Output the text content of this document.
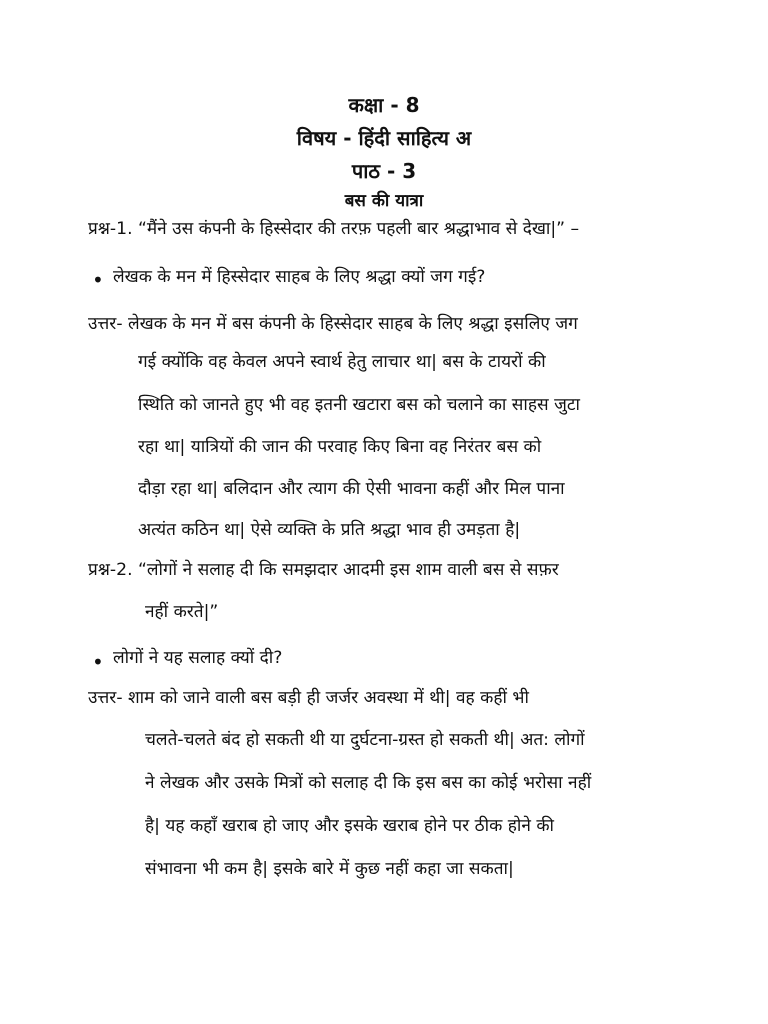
कक्षा - 8
विषय - हिंदी साहित्य अ
पाठ - 3
बस की यात्रा
प्रश्न-1. “मैंने उस कंपनी के हिस्सेदार की तरफ़ पहली बार श्रद्धाभाव से देखा|” –
•
लेखक के मन में हिस्सेदार साहब के लिए श्रद्धा क्यों जग गई?
उत्तर- लेखक के मन में बस कंपनी के हिस्सेदार साहब के लिए श्रद्धा इसलिए जग
गई क्योंकि वह केवल अपने स्वार्थ हेतु लाचार था| बस के टायरों की
स्थिति को जानते हुए भी वह इतनी खटारा बस को चलाने का साहस जुटा
रहा था| यात्रियों की जान की परवाह किए बिना वह निरंतर बस को
दौड़ा रहा था| बलिदान और त्याग की ऐसी भावना कहीं और मिल पाना
अत्यंत कठिन था| ऐसे व्यक्ति के प्रति श्रद्धा भाव ही उमड़ता है|
प्रश्न-2. “लोगों ने सलाह दी कि समझदार आदमी इस शाम वाली बस से सफ़र
नहीं करते|”
•
लोगों ने यह सलाह क्यों दी?
उत्तर- शाम को जाने वाली बस बड़ी ही जर्जर अवस्था में थी| वह कहीं भी
चलते-चलते बंद हो सकती थी या दुर्घटना-ग्रस्त हो सकती थी| अत: लोगों
ने लेखक और उसके मित्रों को सलाह दी कि इस बस का कोई भरोसा नहीं
है| यह कहाँ खराब हो जाए और इसके खराब होने पर ठीक होने की
संभावना भी कम है| इसके बारे में कुछ नहीं कहा जा सकता|
